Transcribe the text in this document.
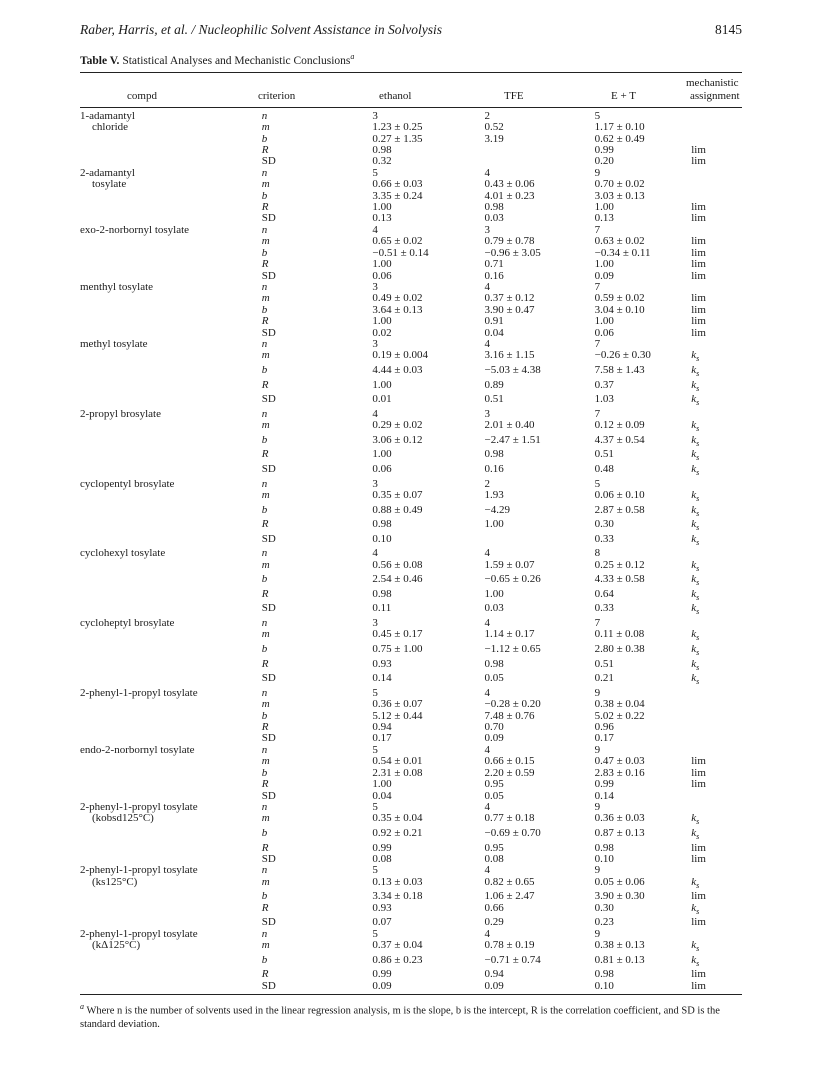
Raber, Harris, et al. / Nucleophilic Solvent Assistance in Solvolysis	8145
Table V. Statistical Analyses and Mechanistic Conclusions$^a$
compd	criterion	ethanol	TFE	E + T
mechanistic
assignment
1-adamantyl	n	3	2	5	
chloride	m	1.23 ± 0.25	0.52	1.17 ± 0.10	
	b	0.27 ± 1.35	3.19	0.62 ± 0.49	
	R	0.98		0.99	lim
	SD	0.32		0.20	lim
2-adamantyl	n	5	4	9	
tosylate	m	0.66 ± 0.03	0.43 ± 0.06	0.70 ± 0.02	
	b	3.35 ± 0.24	4.01 ± 0.23	3.03 ± 0.13	
	R	1.00	0.98	1.00	lim
	SD	0.13	0.03	0.13	lim
exo-2-norbornyl tosylate	n	4	3	7	
	m	0.65 ± 0.02	0.79 ± 0.78	0.63 ± 0.02	lim
	b	−0.51 ± 0.14	−0.96 ± 3.05	−0.34 ± 0.11	lim
	R	1.00	0.71	1.00	lim
	SD	0.06	0.16	0.09	lim
menthyl tosylate	n	3	4	7	
	m	0.49 ± 0.02	0.37 ± 0.12	0.59 ± 0.02	lim
	b	3.64 ± 0.13	3.90 ± 0.47	3.04 ± 0.10	lim
	R	1.00	0.91	1.00	lim
	SD	0.02	0.04	0.06	lim
methyl tosylate	n	3	4	7	
	m	0.19 ± 0.004	3.16 ± 1.15	−0.26 ± 0.30	$k_s$
	b	4.44 ± 0.03	−5.03 ± 4.38	7.58 ± 1.43	$k_s$
	R	1.00	0.89	0.37	$k_s$
	SD	0.01	0.51	1.03	$k_s$
2-propyl brosylate	n	4	3	7	
	m	0.29 ± 0.02	2.01 ± 0.40	0.12 ± 0.09	$k_s$
	b	3.06 ± 0.12	−2.47 ± 1.51	4.37 ± 0.54	$k_s$
	R	1.00	0.98	0.51	$k_s$
	SD	0.06	0.16	0.48	$k_s$
cyclopentyl brosylate	n	3	2	5	
	m	0.35 ± 0.07	1.93	0.06 ± 0.10	$k_s$
	b	0.88 ± 0.49	−4.29	2.87 ± 0.58	$k_s$
	R	0.98	1.00	0.30	$k_s$
	SD	0.10		0.33	$k_s$
cyclohexyl tosylate	n	4	4	8	
	m	0.56 ± 0.08	1.59 ± 0.07	0.25 ± 0.12	$k_s$
	b	2.54 ± 0.46	−0.65 ± 0.26	4.33 ± 0.58	$k_s$
	R	0.98	1.00	0.64	$k_s$
	SD	0.11	0.03	0.33	$k_s$
cycloheptyl brosylate	n	3	4	7	
	m	0.45 ± 0.17	1.14 ± 0.17	0.11 ± 0.08	$k_s$
	b	0.75 ± 1.00	−1.12 ± 0.65	2.80 ± 0.38	$k_s$
	R	0.93	0.98	0.51	$k_s$
	SD	0.14	0.05	0.21	$k_s$
2-phenyl-1-propyl tosylate	n	5	4	9	
	m	0.36 ± 0.07	−0.28 ± 0.20	0.38 ± 0.04	
	b	5.12 ± 0.44	7.48 ± 0.76	5.02 ± 0.22	
	R	0.94	0.70	0.96	
	SD	0.17	0.09	0.17	
endo-2-norbornyl tosylate	n	5	4	9	
	m	0.54 ± 0.01	0.66 ± 0.15	0.47 ± 0.03	lim
	b	2.31 ± 0.08	2.20 ± 0.59	2.83 ± 0.16	lim
	R	1.00	0.95	0.99	lim
	SD	0.04	0.05	0.14	
2-phenyl-1-propyl tosylate	n	5	4	9	
(kobsd125°C)	m	0.35 ± 0.04	0.77 ± 0.18	0.36 ± 0.03	$k_s$
	b	0.92 ± 0.21	−0.69 ± 0.70	0.87 ± 0.13	$k_s$
	R	0.99	0.95	0.98	lim
	SD	0.08	0.08	0.10	lim
2-phenyl-1-propyl tosylate	n	5	4	9	
(ks125°C)	m	0.13 ± 0.03	0.82 ± 0.65	0.05 ± 0.06	$k_s$
	b	3.34 ± 0.18	1.06 ± 2.47	3.90 ± 0.30	lim
	R	0.93	0.66	0.30	$k_s$
	SD	0.07	0.29	0.23	lim
2-phenyl-1-propyl tosylate	n	5	4	9	
(kΔ125°C)	m	0.37 ± 0.04	0.78 ± 0.19	0.38 ± 0.13	$k_s$
	b	0.86 ± 0.23	−0.71 ± 0.74	0.81 ± 0.13	$k_s$
	R	0.99	0.94	0.98	lim
	SD	0.09	0.09	0.10	lim
$^a$ Where n is the number of solvents used in the linear regression analysis, m is the slope, b is the intercept, R is the correlation coefficient, and SD is the standard deviation.
